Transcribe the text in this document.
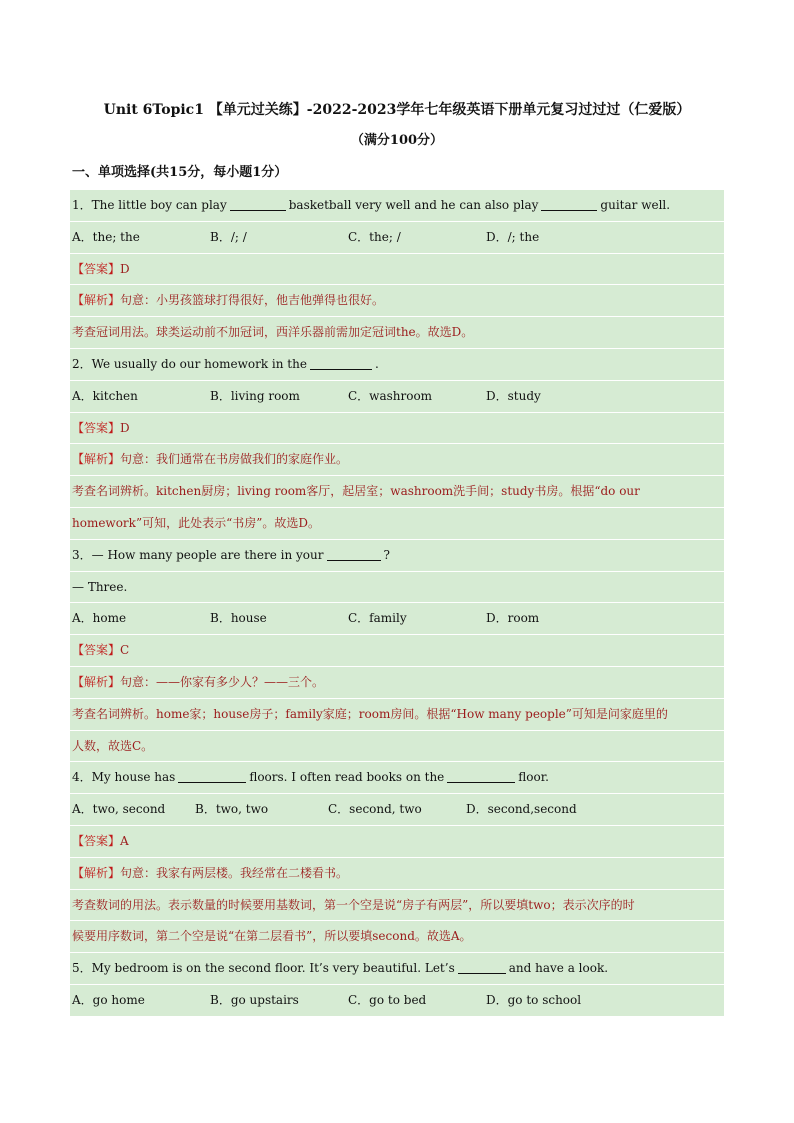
Unit 6Topic1 【单元过关练】-2022-2023学年七年级英语下册单元复习过过过（仁爱版）
（满分100分）
一、单项选择(共15分，每小题1分）
1．The little boy can play	basketball very well and he can also play	guitar well.
A．the; the	B．/; /	C．the; /	D．/; the
【答案】D
【解析】句意：小男孩篮球打得很好，他吉他弹得也很好。
考查冠词用法。球类运动前不加冠词，西洋乐器前需加定冠词the。故选D。
2．We usually do our homework in the	.
A．kitchen	B．living room	C．washroom	D．study
【答案】D
【解析】句意：我们通常在书房做我们的家庭作业。
考查名词辨析。kitchen厨房；living room客厅，起居室；washroom洗手间；study书房。根据“do our
homework”可知，此处表示“书房”。故选D。
3．— How many people are there in your	?
— Three.
A．home	B．house	C．family	D．room
【答案】C
【解析】句意：——你家有多少人？——三个。
考查名词辨析。home家；house房子；family家庭；room房间。根据“How many people”可知是问家庭里的
人数，故选C。
4．My house has	floors. I often read books on the	floor.
A．two, second	B．two, two	C．second, two	D．second,second
【答案】A
【解析】句意：我家有两层楼。我经常在二楼看书。
考查数词的用法。表示数量的时候要用基数词，第一个空是说“房子有两层”，所以要填two；表示次序的时
候要用序数词，第二个空是说“在第二层看书”，所以要填second。故选A。
5．My bedroom is on the second floor. It’s very beautiful. Let’s	and have a look.
A．go home	B．go upstairs	C．go to bed	D．go to school
